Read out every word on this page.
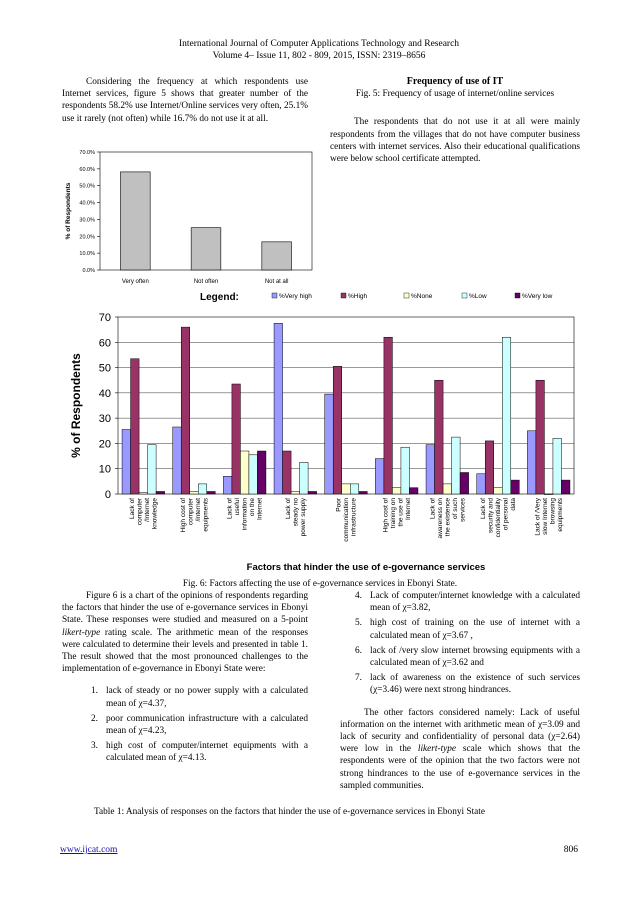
International Journal of Computer Applications Technology and Research
Volume 4– Issue 11, 802 - 809, 2015, ISSN: 2319–8656

Considering the frequency at which respondents use Internet services, figure 5 shows that greater number of the respondents 58.2% use Internet/Online services very often, 25.1% use it rarely (not often) while 16.7% do not use it at all.

Frequency of use of IT
Fig. 5: Frequency of usage of internet/online services

The respondents that do not use it at all were mainly respondents from the villages that do not have computer business centers with internet services. Also their educational qualifications were below school certificate attempted.

0.0%
10.0%
20.0%
30.0%
40.0%
50.0%
60.0%
70.0%
% of Respondents
Very often	Not often	Not at all
Legend:	%Very high	%High	%None	%Low	%Very low
0
10
20
30
40
50
60
70
% of Respondents
Lack ofcomputer/Internetknowledge	High cost ofcomputer/internetequipments	Lack ofusefulinformationon theInternet	Lack ofsteady nopower supply	Poorcommunicationinfrastructure	High cost oftraining onthe use ofInternet	Lack ofawareness onthe existenceof suchservices Lack ofsecurity andconfidentialityof personaldata	Lack of /Veryslow Internetbrowsingequipments
Factors that hinder the use of e-governance services
Fig. 6: Factors affecting the use of e-governance services in Ebonyi State.

Figure 6 is a chart of the opinions of respondents regarding the factors that hinder the use of e-governance services in Ebonyi State. These responses were studied and measured on a 5-point likert-type rating scale. The arithmetic mean of the responses were calculated to determine their levels and presented in table 1. The result showed that the most pronounced challenges to the implementation of e-governance in Ebonyi State were:

1. lack of steady or no power supply with a calculated mean of χ=4.37,
2. poor communication infrastructure with a calculated mean of χ=4.23,
3. high cost of computer/internet equipments with a calculated mean of χ=4.13.
4. Lack of computer/internet knowledge with a calculated mean of χ=3.82,
5. high cost of training on the use of internet with a calculated mean of χ=3.67 ,
6. lack of /very slow internet browsing equipments with a calculated mean of χ=3.62 and
7. lack of awareness on the existence of such services (χ=3.46) were next strong hindrances.

The other factors considered namely: Lack of useful information on the internet with arithmetic mean of χ=3.09 and lack of security and confidentiality of personal data (χ=2.64) were low in the likert-type scale which shows that the respondents were of the opinion that the two factors were not strong hindrances to the use of e-governance services in the sampled communities.

Table 1: Analysis of responses on the factors that hinder the use of e-governance services in Ebonyi State
www.ijcat.com	806
